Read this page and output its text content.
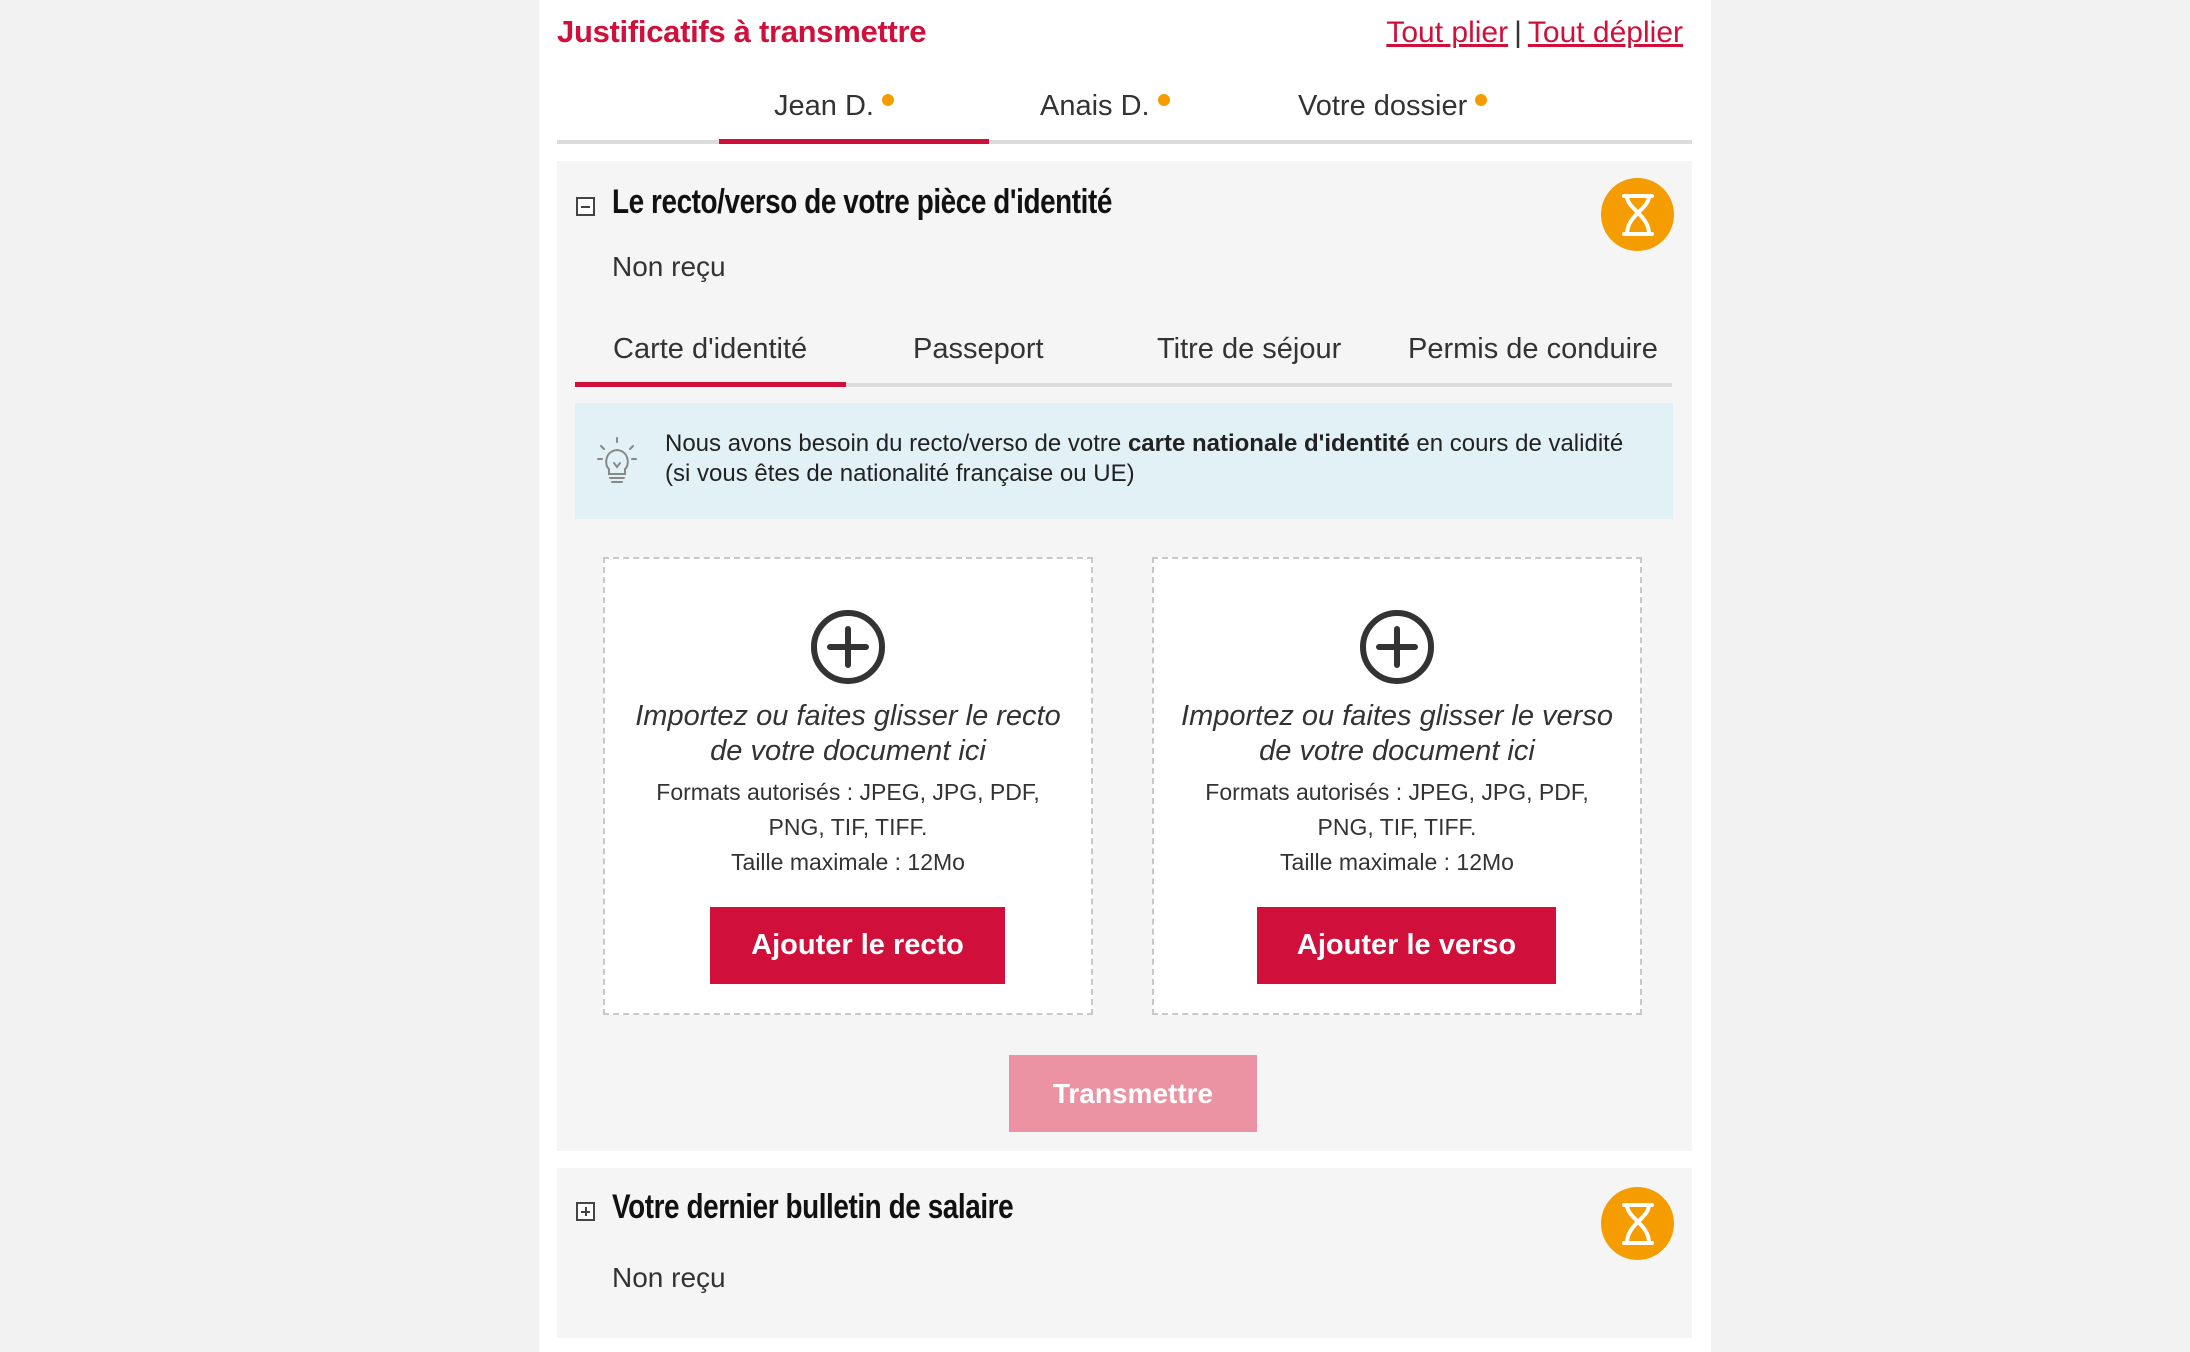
Justificatifs à transmettre	Tout plier | Tout déplier
Jean D.	Anais D.	Votre dossier
Le recto/verso de votre pièce d'identité
Non reçu
Carte d'identité	Passeport	Titre de séjour Permis de conduire
Nous avons besoin du recto/verso de votre carte nationale d'identité en cours de validité (si vous êtes de nationalité française ou UE)
Importez ou faites glisser le recto de votre document ici
Formats autorisés : JPEG, JPG, PDF, PNG, TIF, TIFF.
Taille maximale : 12Mo
Ajouter le recto
Importez ou faites glisser le verso de votre document ici
Formats autorisés : JPEG, JPG, PDF, PNG, TIF, TIFF.
Taille maximale : 12Mo
Ajouter le verso
Transmettre
Votre dernier bulletin de salaire
Non reçu
